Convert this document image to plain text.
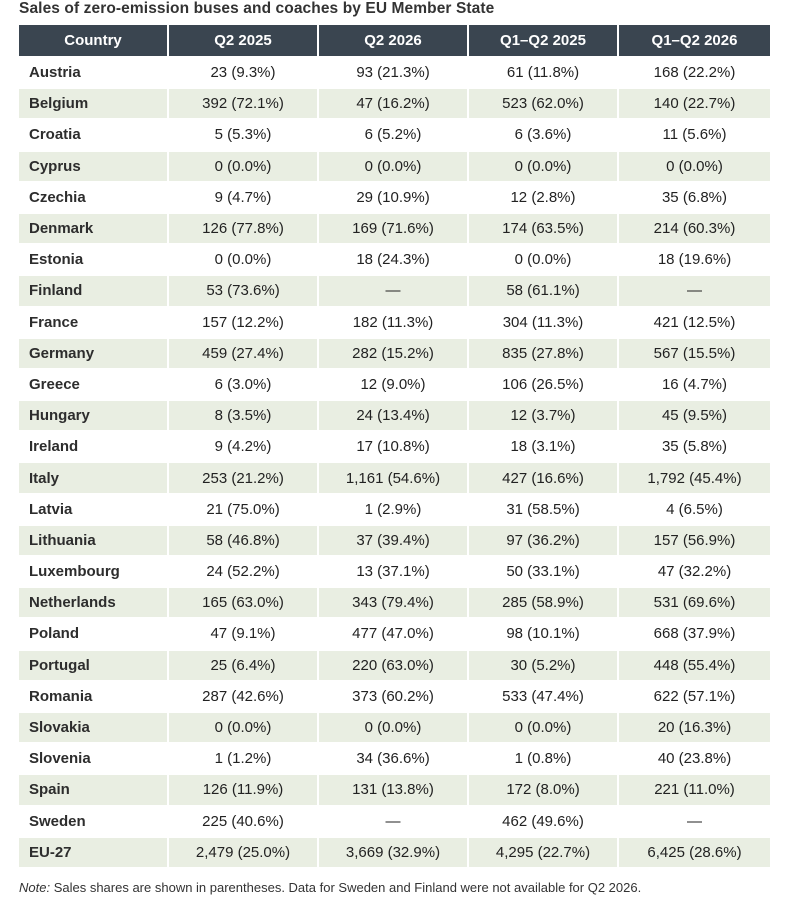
Sales of zero-emission buses and coaches by EU Member State
Country	Q2 2025	Q2 2026	Q1–Q2 2025	Q1–Q2 2026
Austria	23 (9.3%)	93 (21.3%)	61 (11.8%)	168 (22.2%)
Belgium	392 (72.1%)	47 (16.2%)	523 (62.0%)	140 (22.7%)
Croatia	5 (5.3%)	6 (5.2%)	6 (3.6%)	11 (5.6%)
Cyprus	0 (0.0%)	0 (0.0%)	0 (0.0%)	0 (0.0%)
Czechia	9 (4.7%)	29 (10.9%)	12 (2.8%)	35 (6.8%)
Denmark	126 (77.8%)	169 (71.6%)	174 (63.5%)	214 (60.3%)
Estonia	0 (0.0%)	18 (24.3%)	0 (0.0%)	18 (19.6%)
Finland	53 (73.6%)	—	58 (61.1%)	—
France	157 (12.2%)	182 (11.3%)	304 (11.3%)	421 (12.5%)
Germany	459 (27.4%)	282 (15.2%)	835 (27.8%)	567 (15.5%)
Greece	6 (3.0%)	12 (9.0%)	106 (26.5%)	16 (4.7%)
Hungary	8 (3.5%)	24 (13.4%)	12 (3.7%)	45 (9.5%)
Ireland	9 (4.2%)	17 (10.8%)	18 (3.1%)	35 (5.8%)
Italy	253 (21.2%)	1,161 (54.6%)	427 (16.6%)	1,792 (45.4%)
Latvia	21 (75.0%)	1 (2.9%)	31 (58.5%)	4 (6.5%)
Lithuania	58 (46.8%)	37 (39.4%)	97 (36.2%)	157 (56.9%)
Luxembourg	24 (52.2%)	13 (37.1%)	50 (33.1%)	47 (32.2%)
Netherlands	165 (63.0%)	343 (79.4%)	285 (58.9%)	531 (69.6%)
Poland	47 (9.1%)	477 (47.0%)	98 (10.1%)	668 (37.9%)
Portugal	25 (6.4%)	220 (63.0%)	30 (5.2%)	448 (55.4%)
Romania	287 (42.6%)	373 (60.2%)	533 (47.4%)	622 (57.1%)
Slovakia	0 (0.0%)	0 (0.0%)	0 (0.0%)	20 (16.3%)
Slovenia	1 (1.2%)	34 (36.6%)	1 (0.8%)	40 (23.8%)
Spain	126 (11.9%)	131 (13.8%)	172 (8.0%)	221 (11.0%)
Sweden	225 (40.6%)	—	462 (49.6%)	—
EU-27	2,479 (25.0%)	3,669 (32.9%)	4,295 (22.7%)	6,425 (28.6%)
Note: Sales shares are shown in parentheses. Data for Sweden and Finland were not available for Q2 2026.
